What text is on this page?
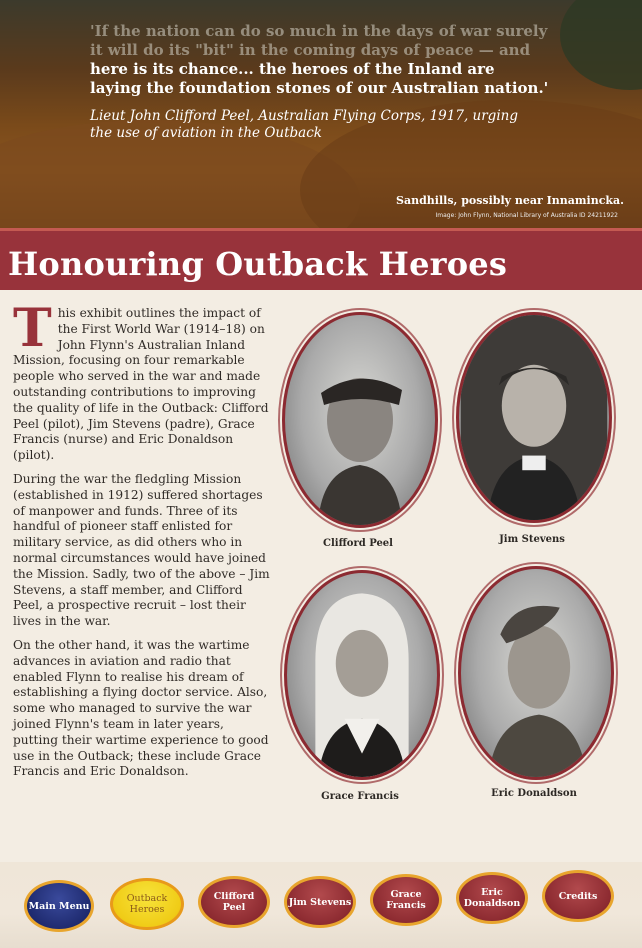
'If the nation can do so much in the days of war surely it will do its "bit" in the coming days of peace — and here is its chance... the heroes of the Inland are laying the foundation stones of our Australian nation.'
Lieut John Clifford Peel, Australian Flying Corps, 1917, urging the use of aviation in the Outback
Sandhills, possibly near Innamincka.
Image: John Flynn, National Library of Australia ID 24211922
Honouring Outback Heroes

This exhibit outlines the impact of the First World War (1914–18) on John Flynn's Australian Inland Mission, focusing on four remarkable people who served in the war and made outstanding contributions to improving the quality of life in the Outback: Clifford Peel (pilot), Jim Stevens (padre), Grace Francis (nurse) and Eric Donaldson (pilot).

During the war the fledgling Mission (established in 1912) suffered shortages of manpower and funds. Three of its handful of pioneer staff enlisted for military service, as did others who in normal circumstances would have joined the Mission. Sadly, two of the above – Jim Stevens, a staff member, and Clifford Peel, a prospective recruit – lost their lives in the war.

On the other hand, it was the wartime advances in aviation and radio that enabled Flynn to realise his dream of establishing a flying doctor service. Also, some who managed to survive the war joined Flynn's team in later years, putting their wartime experience to good use in the Outback; these include Grace Francis and Eric Donaldson.

Clifford Peel	Jim Stevens
Grace Francis	Eric Donaldson
Main Menu
Outback Heroes
Clifford Peel	Jim Stevens
Grace Francis
Eric Donaldson
Credits
